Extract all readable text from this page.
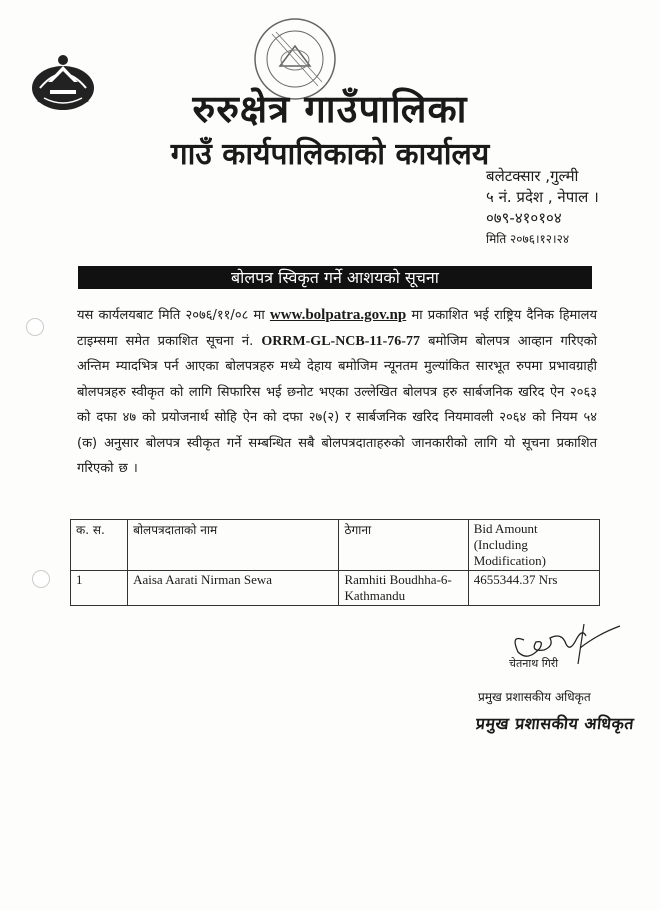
रुरुक्षेत्र गाउँपालिका
गाउँ कार्यपालिकाको कार्यालय
बलेटक्सार ,गुल्मी
५ नं. प्रदेश , नेपाल ।
०७९-४१०१०४
मिति २०७६।१२।२४
बोलपत्र स्विकृत गर्ने आशयको सूचना
यस कार्यलयबाट मिति २०७६/११/०८ मा www.bolpatra.gov.np मा प्रकाशित भई राष्ट्रिय दैनिक हिमालय टाइम्समा समेत प्रकाशित सूचना नं. ORRM-GL-NCB-11-76-77 बमोजिम बोलपत्र आव्हान गरिएको अन्तिम म्यादभित्र पर्न आएका बोलपत्रहरु मध्ये देहाय बमोजिम न्यूनतम मुल्यांकित सारभूत रुपमा प्रभावग्राही बोलपत्रहरु स्वीकृत को लागि सिफारिस भई छनोट भएका उल्लेखित बोलपत्र हरु सार्बजनिक खरिद ऐन २०६३ को दफा ४७ को प्रयोजनार्थ सोहि ऐन को दफा २७(२) र सार्बजनिक खरिद नियमावली २०६४ को नियम ५४ (क) अनुसार बोलपत्र स्वीकृत गर्ने सम्बन्धित सबै बोलपत्रदाताहरुको जानकारीको लागि यो सूचना प्रकाशित गरिएको छ ।
क. स.	बोलपत्रदाताको नाम	ठेगाना	Bid Amount (Including Modification)
1	Aaisa Aarati Nirman Sewa	Ramhiti Boudhha-6-Kathmandu	4655344.37 Nrs
चेतनाथ गिरी
प्रमुख प्रशासकीय अधिकृत
प्रमुख प्रशासकीय अधिकृत
